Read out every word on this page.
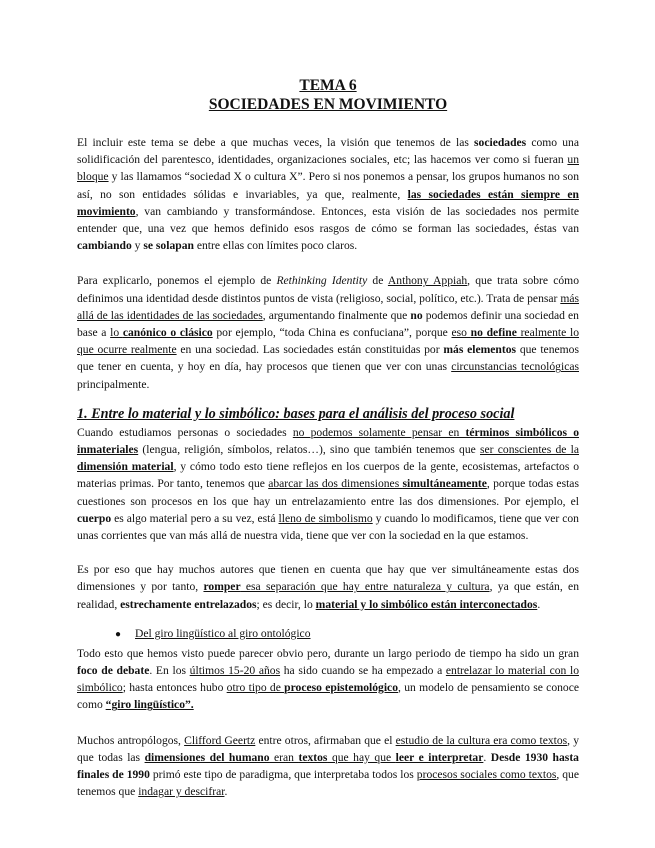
TEMA 6
SOCIEDADES EN MOVIMIENTO

El incluir este tema se debe a que muchas veces, la visión que tenemos de las sociedades como una solidificación del parentesco, identidades, organizaciones sociales, etc; las hacemos ver como si fueran un bloque y las llamamos “sociedad X o cultura X”. Pero si nos ponemos a pensar, los grupos humanos no son así, no son entidades sólidas e invariables, ya que, realmente, las sociedades están siempre en movimiento, van cambiando y transformándose. Entonces, esta visión de las sociedades nos permite entender que, una vez que hemos definido esos rasgos de cómo se forman las sociedades, éstas van cambiando y se solapan entre ellas con límites poco claros.

Para explicarlo, ponemos el ejemplo de Rethinking Identity de Anthony Appiah, que trata sobre cómo definimos una identidad desde distintos puntos de vista (religioso, social, político, etc.). Trata de pensar más allá de las identidades de las sociedades, argumentando finalmente que no podemos definir una sociedad en base a lo canónico o clásico por ejemplo, “toda China es confuciana”, porque eso no define realmente lo que ocurre realmente en una sociedad. Las sociedades están constituidas por más elementos que tenemos que tener en cuenta, y hoy en día, hay procesos que tienen que ver con unas circunstancias tecnológicas principalmente.

1. Entre lo material y lo simbólico: bases para el análisis del proceso social

Cuando estudiamos personas o sociedades no podemos solamente pensar en términos simbólicos o inmateriales (lengua, religión, símbolos, relatos…), sino que también tenemos que ser conscientes de la dimensión material, y cómo todo esto tiene reflejos en los cuerpos de la gente, ecosistemas, artefactos o materias primas. Por tanto, tenemos que abarcar las dos dimensiones simultáneamente, porque todas estas cuestiones son procesos en los que hay un entrelazamiento entre las dos dimensiones. Por ejemplo, el cuerpo es algo material pero a su vez, está lleno de simbolismo y cuando lo modificamos, tiene que ver con unas corrientes que van más allá de nuestra vida, tiene que ver con la sociedad en la que estamos.

Es por eso que hay muchos autores que tienen en cuenta que hay que ver simultáneamente estas dos dimensiones y por tanto, romper esa separación que hay entre naturaleza y cultura, ya que están, en realidad, estrechamente entrelazados; es decir, lo material y lo simbólico están interconectados.

●	Del giro lingüístico al giro ontológico

Todo esto que hemos visto puede parecer obvio pero, durante un largo periodo de tiempo ha sido un gran foco de debate. En los últimos 15-20 años ha sido cuando se ha empezado a entrelazar lo material con lo simbólico; hasta entonces hubo otro tipo de proceso epistemológico, un modelo de pensamiento se conoce como “giro lingüístico”.

Muchos antropólogos, Clifford Geertz entre otros, afirmaban que el estudio de la cultura era como textos, y que todas las dimensiones del humano eran textos que hay que leer e interpretar. Desde 1930 hasta finales de 1990 primó este tipo de paradigma, que interpretaba todos los procesos sociales como textos, que tenemos que indagar y descifrar.
